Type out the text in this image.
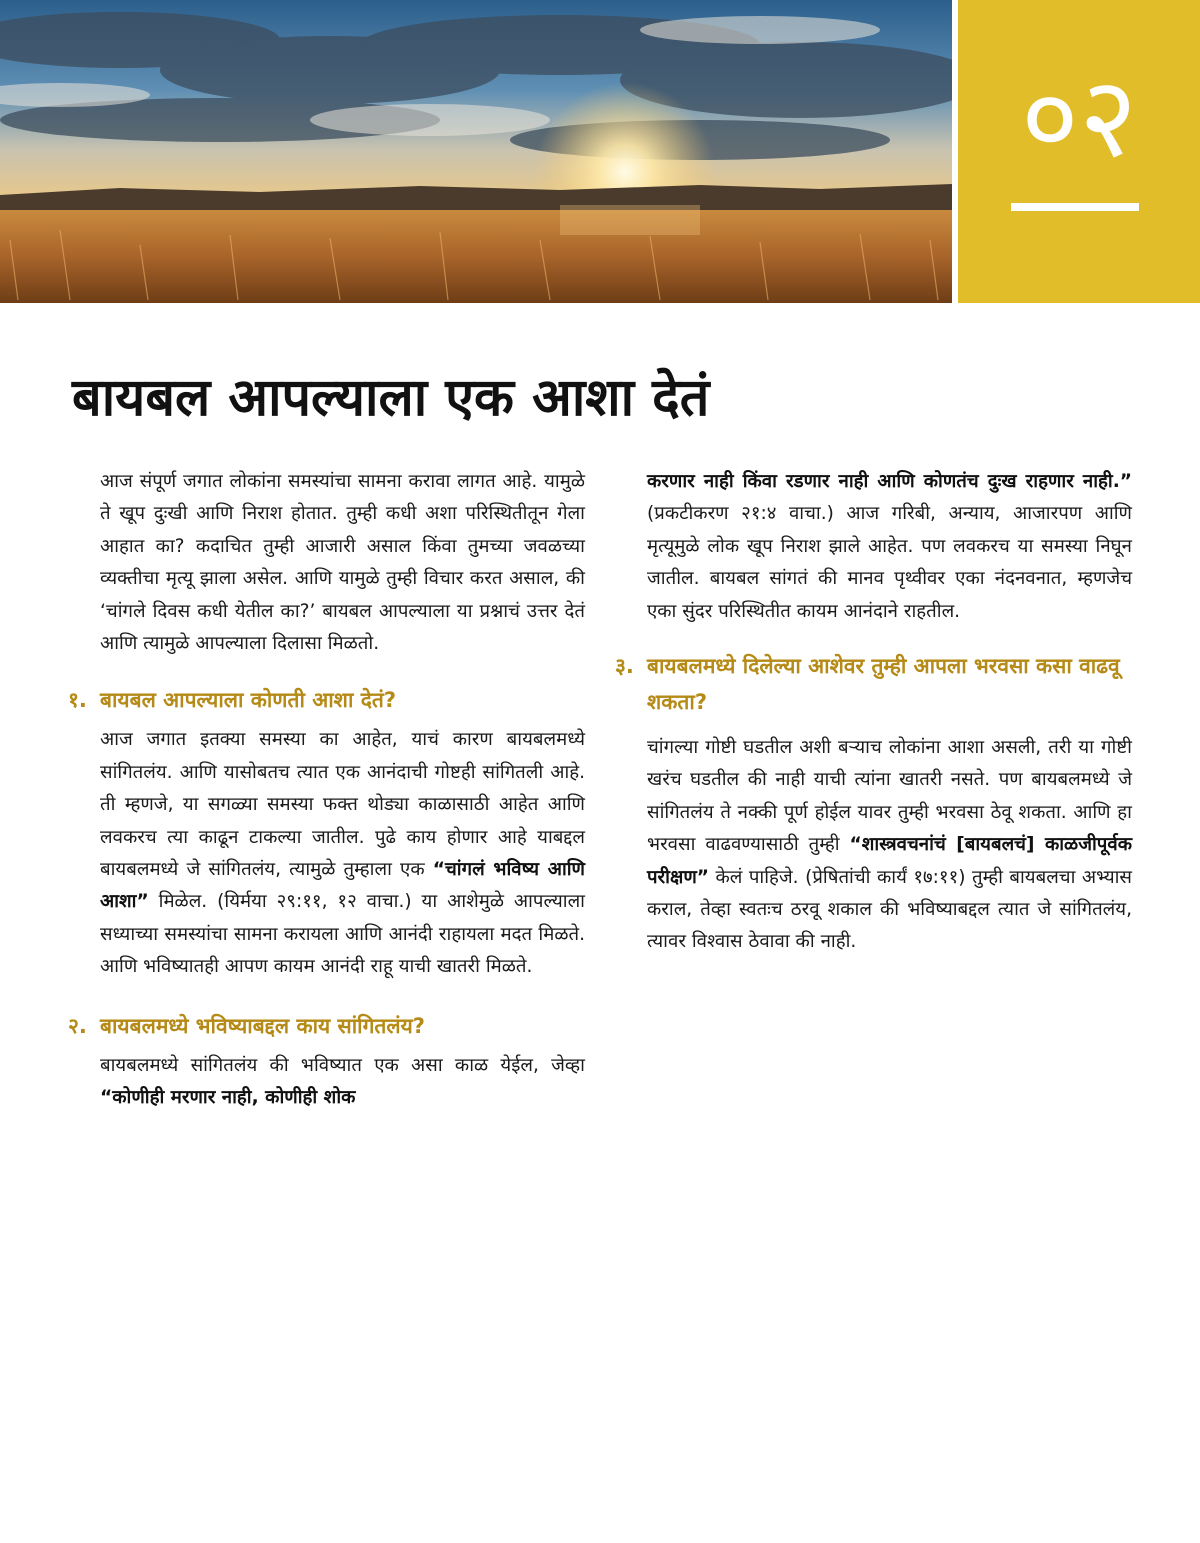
०२
बायबल आपल्याला एक आशा देतं

आज संपूर्ण जगात लोकांना समस्यांचा सामना करावा लागत आहे. यामुळे ते खूप दुःखी आणि निराश होतात. तुम्ही कधी अशा परिस्थितीतून गेला आहात का? कदाचित तुम्ही आजारी असाल किंवा तुमच्या जवळच्या व्यक्तीचा मृत्यू झाला असेल. आणि यामुळे तुम्ही विचार करत असाल, की ‘चांगले दिवस कधी येतील का?’ बायबल आपल्याला या प्रश्नाचं उत्तर देतं आणि त्यामुळे आपल्याला दिलासा मिळतो.

१. बायबल आपल्याला कोणती आशा देतं?

आज जगात इतक्या समस्या का आहेत, याचं कारण बायबलमध्ये सांगितलंय. आणि यासोबतच त्यात एक आनंदाची गोष्टही सांगितली आहे. ती म्हणजे, या सगळ्या समस्या फक्त थोड्या काळासाठी आहेत आणि लवकरच त्या काढून टाकल्या जातील. पुढे काय होणार आहे याबद्दल बायबलमध्ये जे सांगितलंय, त्यामुळे तुम्हाला एक “चांगलं भविष्य आणि आशा” मिळेल. (यिर्मया २९:११, १२ वाचा.) या आशेमुळे आपल्याला सध्याच्या समस्यांचा सामना करायला आणि आनंदी राहायला मदत मिळते. आणि भविष्यातही आपण कायम आनंदी राहू याची खातरी मिळते.

२. बायबलमध्ये भविष्याबद्दल काय सांगितलंय?

बायबलमध्ये सांगितलंय की भविष्यात एक असा काळ येईल, जेव्हा “कोणीही मरणार नाही, कोणीही शोक

करणार नाही किंवा रडणार नाही आणि कोणतंच दुःख राहणार नाही.” (प्रकटीकरण २१:४ वाचा.) आज गरिबी, अन्याय, आजारपण आणि मृत्यूमुळे लोक खूप निराश झाले आहेत. पण लवकरच या समस्या निघून जातील. बायबल सांगतं की मानव पृथ्वीवर एका नंदनवनात, म्हणजेच एका सुंदर परिस्थितीत कायम आनंदाने राहतील.

३. बायबलमध्ये दिलेल्या आशेवर तुम्ही आपला भरवसा कसा वाढवू शकता?

चांगल्या गोष्टी घडतील अशी बऱ्याच लोकांना आशा असली, तरी या गोष्टी खरंच घडतील की नाही याची त्यांना खातरी नसते. पण बायबलमध्ये जे सांगितलंय ते नक्की पूर्ण होईल यावर तुम्ही भरवसा ठेवू शकता. आणि हा भरवसा वाढवण्यासाठी तुम्ही “शास्त्रवचनांचं [बायबलचं] काळजीपूर्वक परीक्षण” केलं पाहिजे. (प्रेषितांची कार्यं १७:११) तुम्ही बायबलचा अभ्यास कराल, तेव्हा स्वतःच ठरवू शकाल की भविष्याबद्दल त्यात जे सांगितलंय, त्यावर विश्वास ठेवावा की नाही.
